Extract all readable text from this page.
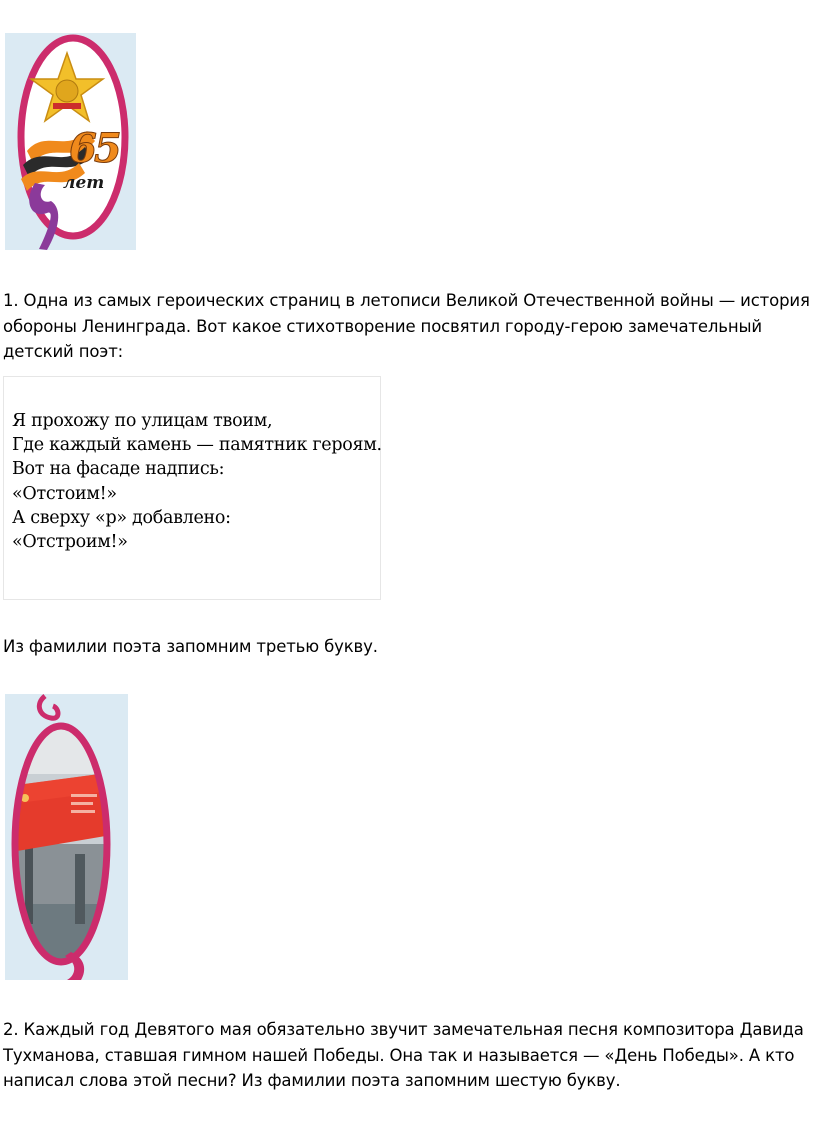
65
лет
1. Одна из самых героических страниц в летописи Великой Отечественной войны — история обороны Ленинграда. Вот какое стихотворение посвятил городу-герою замечательный детский поэт:
Я прохожу по улицам твоим,
Где каждый камень — памятник героям.
Вот на фасаде надпись:
«Отстоим!»
А сверху «р» добавлено:
«Отстроим!»
Из фамилии поэта запомним третью букву.
2. Каждый год Девятого мая обязательно звучит замечательная песня композитора Давида Тухманова, ставшая гимном нашей Победы. Она так и называется — «День Победы». А кто написал слова этой песни? Из фамилии поэта запомним шестую букву.
